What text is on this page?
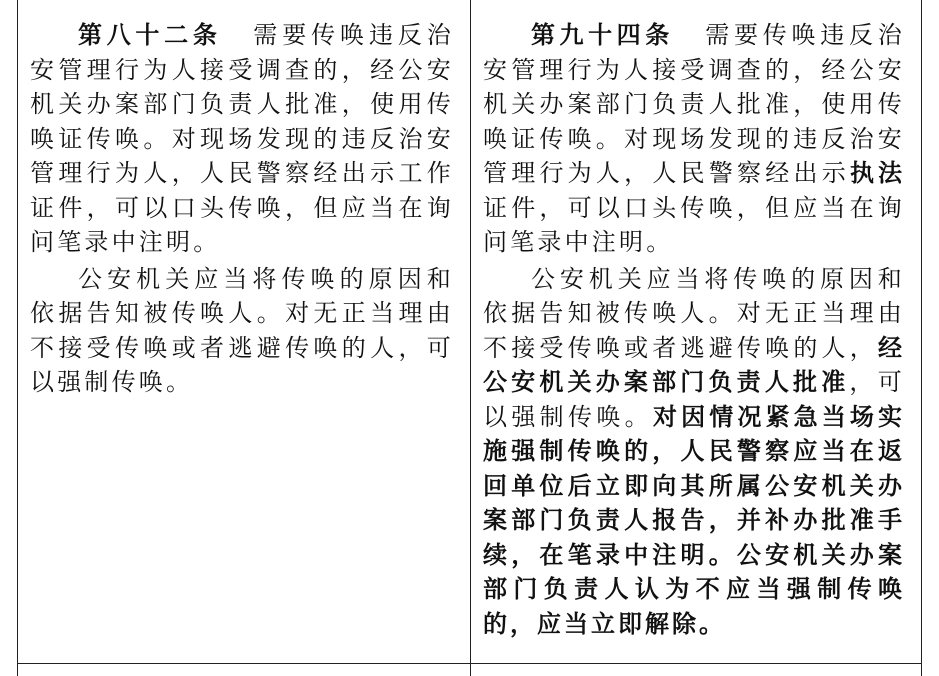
第八十二条 需要传唤违反治安管理行为人接受调查的，经公安机关办案部门负责人批准，使用传唤证传唤。对现场发现的违反治安管理行为人，人民警察经出示工作证件，可以口头传唤，但应当在询问笔录中注明。

公安机关应当将传唤的原因和依据告知被传唤人。对无正当理由不接受传唤或者逃避传唤的人，可以强制传唤。

第九十四条 需要传唤违反治安管理行为人接受调查的，经公安机关办案部门负责人批准，使用传唤证传唤。对现场发现的违反治安管理行为人，人民警察经出示执法证件，可以口头传唤，但应当在询问笔录中注明。

公安机关应当将传唤的原因和依据告知被传唤人。对无正当理由不接受传唤或者逃避传唤的人，经公安机关办案部门负责人批准，可以强制传唤。对因情况紧急当场实施强制传唤的，人民警察应当在返回单位后立即向其所属公安机关办案部门负责人报告，并补办批准手续，在笔录中注明。公安机关办案部门负责人认为不应当强制传唤的，应当立即解除。
